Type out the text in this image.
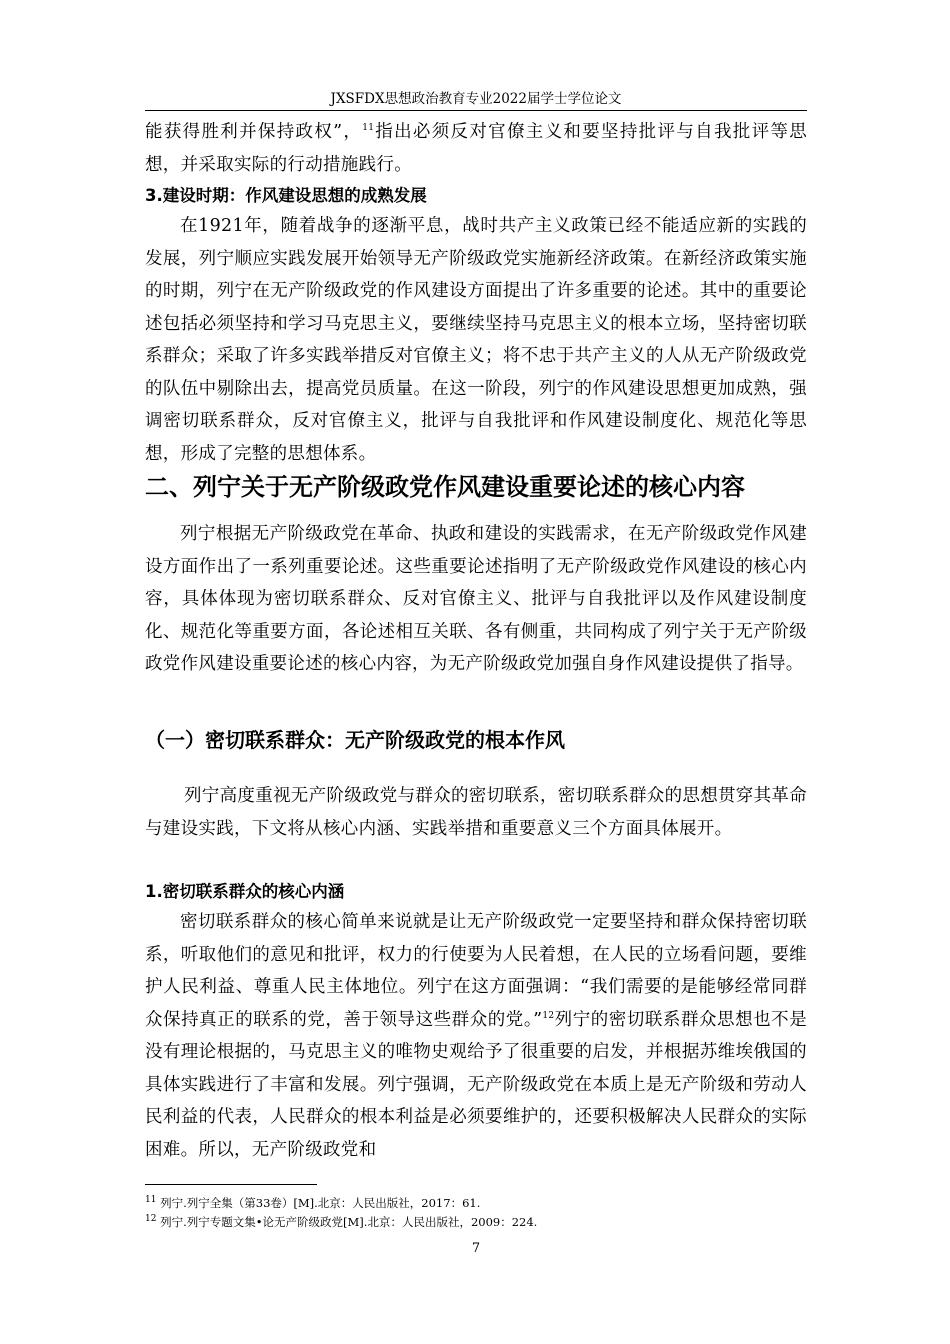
JXSFDX思想政治教育专业2022届学士学位论文

能获得胜利并保持政权”，$^{11}$指出必须反对官僚主义和要坚持批评与自我批评等思想，并采取实际的行动措施践行。

3.建设时期：作风建设思想的成熟发展

在1921年，随着战争的逐渐平息，战时共产主义政策已经不能适应新的实践的发展，列宁顺应实践发展开始领导无产阶级政党实施新经济政策。在新经济政策实施的时期，列宁在无产阶级政党的作风建设方面提出了许多重要的论述。其中的重要论述包括必须坚持和学习马克思主义，要继续坚持马克思主义的根本立场，坚持密切联系群众；采取了许多实践举措反对官僚主义；将不忠于共产主义的人从无产阶级政党的队伍中剔除出去，提高党员质量。在这一阶段，列宁的作风建设思想更加成熟，强调密切联系群众，反对官僚主义，批评与自我批评和作风建设制度化、规范化等思想，形成了完整的思想体系。

二、列宁关于无产阶级政党作风建设重要论述的核心内容

列宁根据无产阶级政党在革命、执政和建设的实践需求，在无产阶级政党作风建设方面作出了一系列重要论述。这些重要论述指明了无产阶级政党作风建设的核心内容，具体体现为密切联系群众、反对官僚主义、批评与自我批评以及作风建设制度化、规范化等重要方面，各论述相互关联、各有侧重，共同构成了列宁关于无产阶级政党作风建设重要论述的核心内容，为无产阶级政党加强自身作风建设提供了指导。

（一）密切联系群众：无产阶级政党的根本作风

列宁高度重视无产阶级政党与群众的密切联系，密切联系群众的思想贯穿其革命与建设实践，下文将从核心内涵、实践举措和重要意义三个方面具体展开。

1.密切联系群众的核心内涵

密切联系群众的核心简单来说就是让无产阶级政党一定要坚持和群众保持密切联系，听取他们的意见和批评，权力的行使要为人民着想，在人民的立场看问题，要维护人民利益、尊重人民主体地位。列宁在这方面强调：“我们需要的是能够经常同群众保持真正的联系的党，善于领导这些群众的党。”$^{12}$列宁的密切联系群众思想也不是没有理论根据的，马克思主义的唯物史观给予了很重要的启发，并根据苏维埃俄国的具体实践进行了丰富和发展。列宁强调，无产阶级政党在本质上是无产阶级和劳动人民利益的代表，人民群众的根本利益是必须要维护的，还要积极解决人民群众的实际困难。所以，无产阶级政党和

$^{11}$ 列宁.列宁全集（第33卷）[M].北京：人民出版社，2017：61.

$^{12}$ 列宁.列宁专题文集•论无产阶级政党[M].北京：人民出版社，2009：224.

7
